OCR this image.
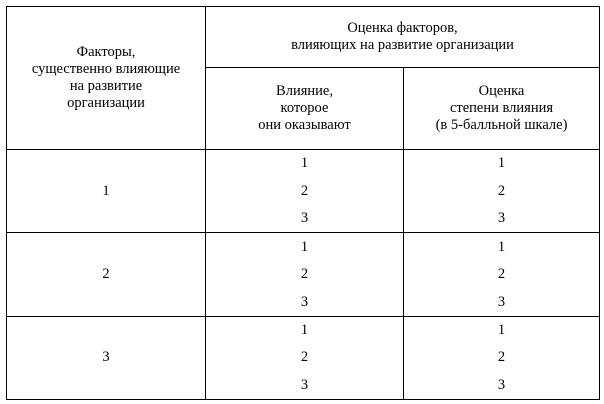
Факторы,
существенно влияющие
на развитие
организации	Оценка факторов,
влияющих на развитие организации	
	Влияние,
которое
они оказывают	Оценка
степени влияния
(в 5-балльной шкале)
1	1	1
	2	2
	3	3
2	1	1
	2	2
	3	3
3	1	1
	2	2
	3	3
